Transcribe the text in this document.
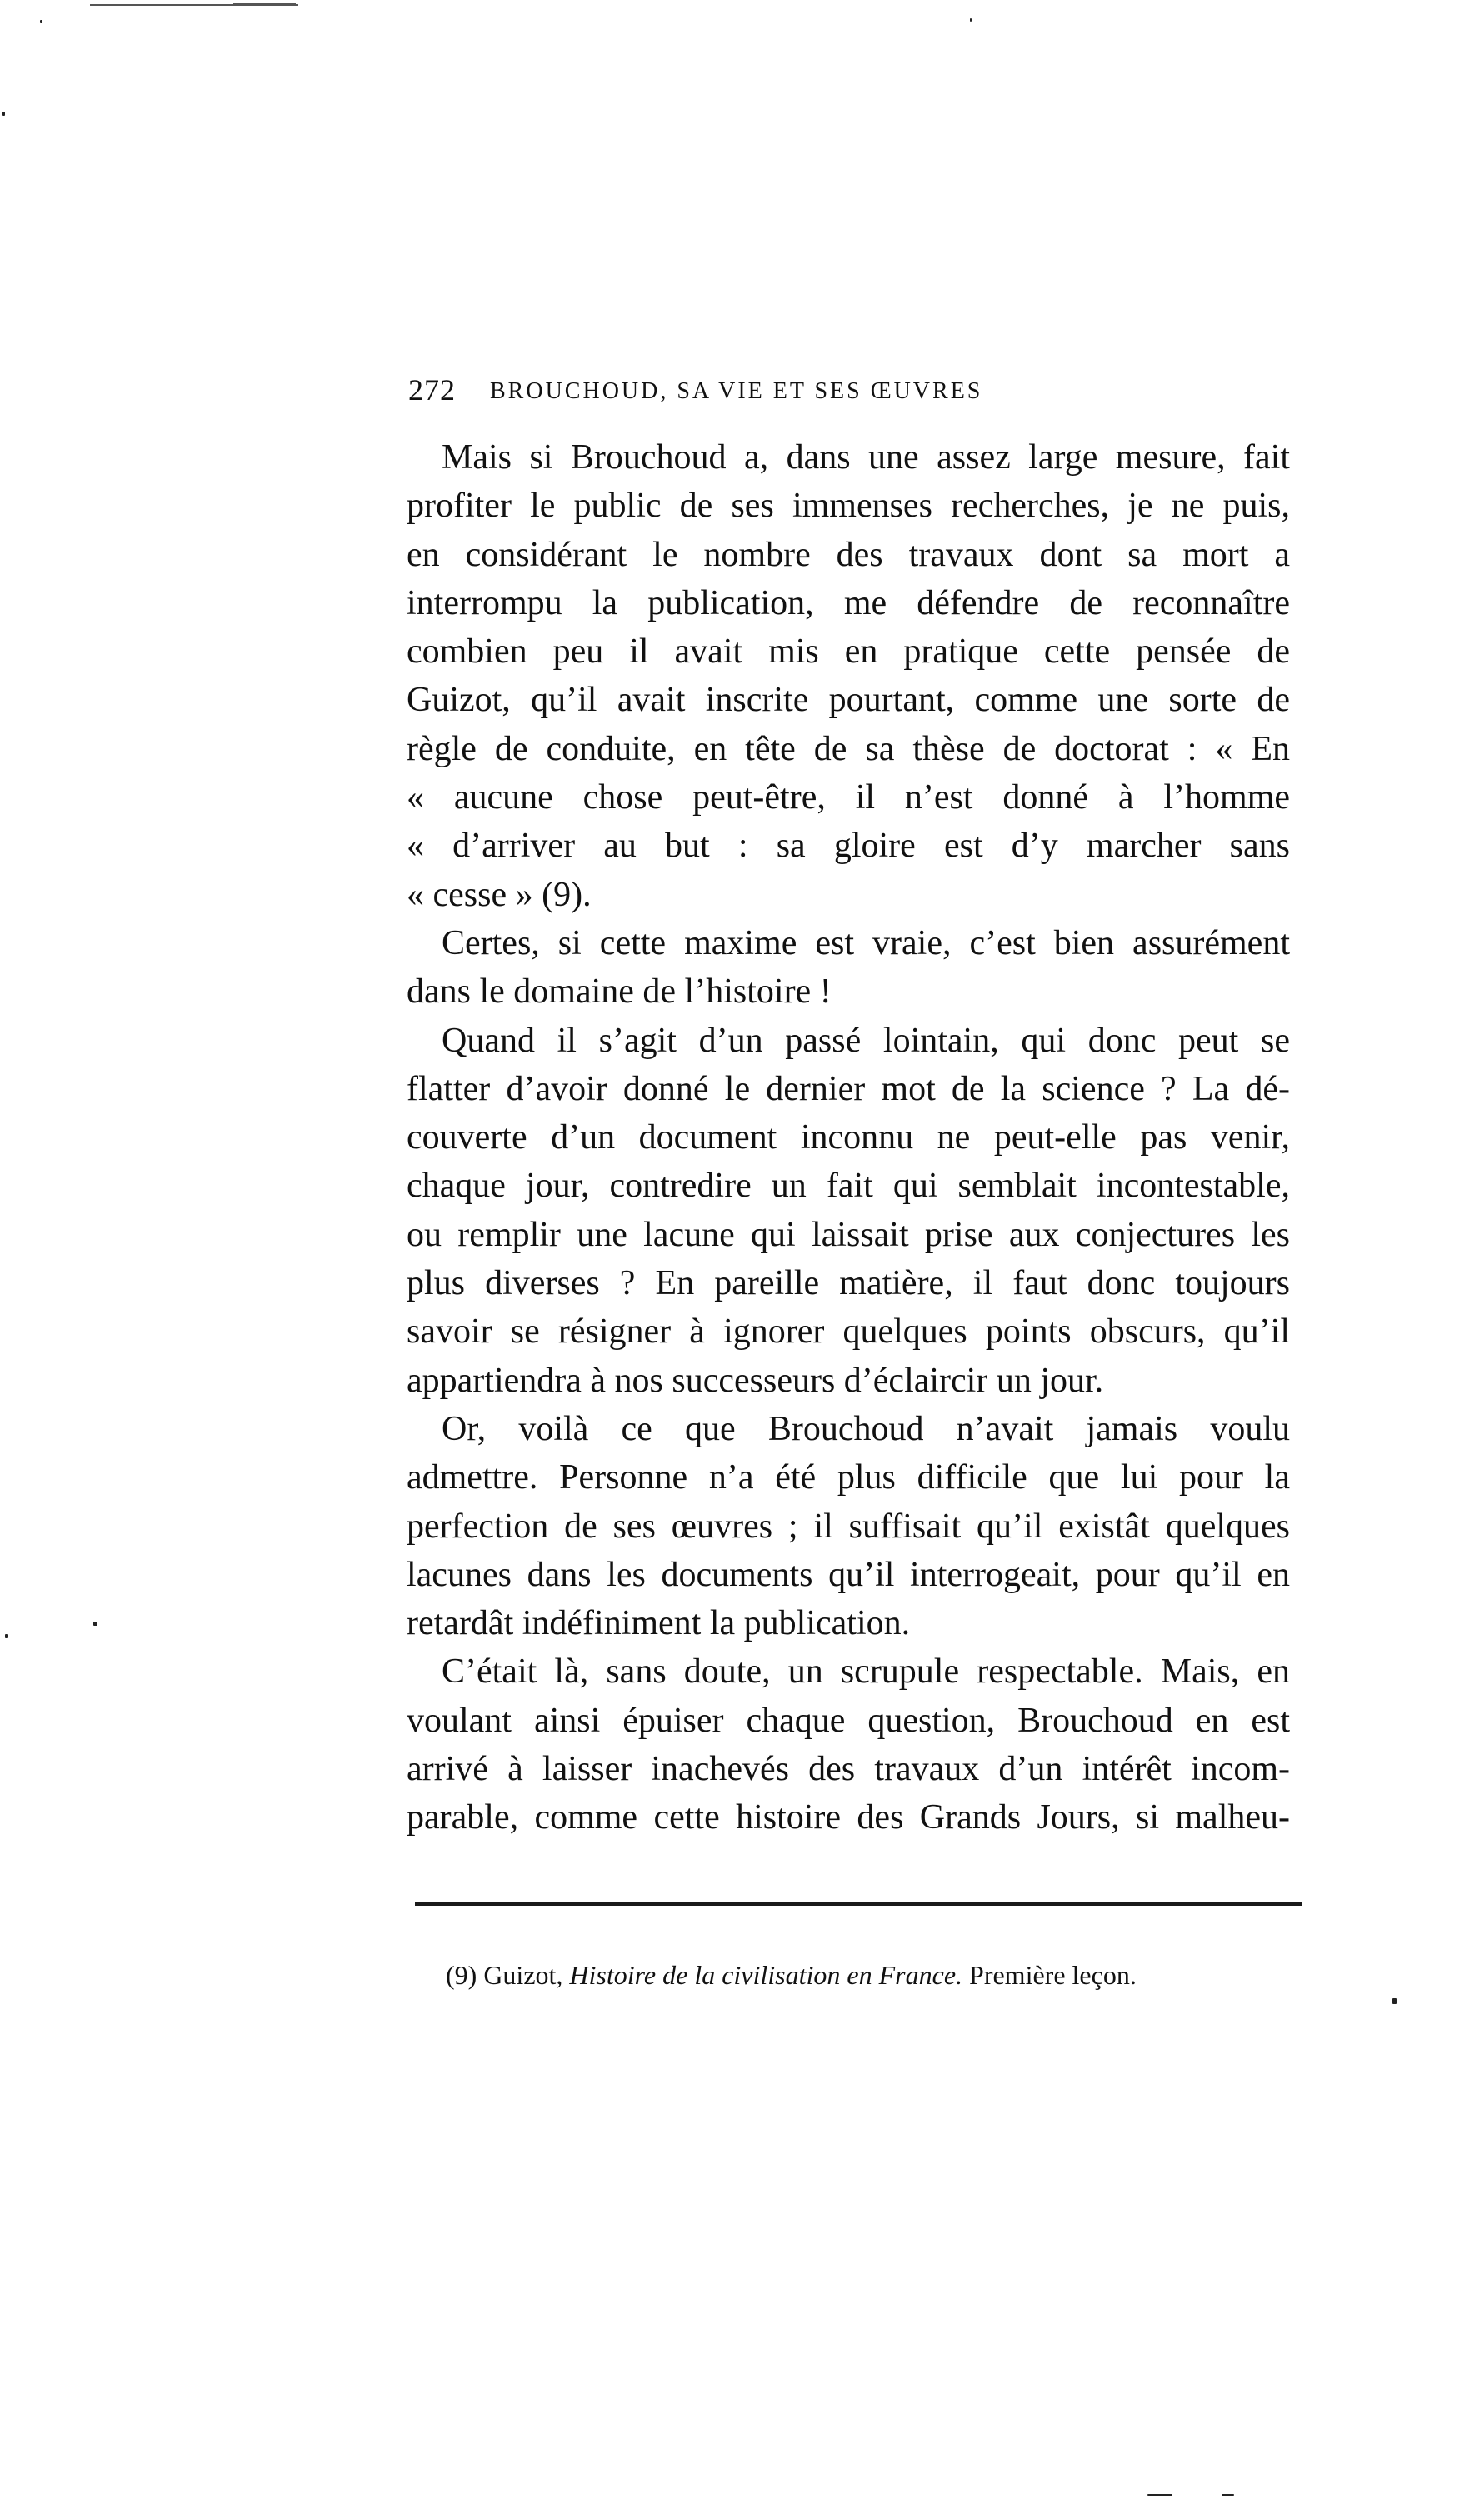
272 BROUCHOUD, SA VIE ET SES ŒUVRES
Mais si Brouchoud a, dans une assez large mesure, fait
profiter le public de ses immenses recherches, je ne puis,
en considérant le nombre des travaux dont sa mort a
interrompu la publication, me défendre de reconnaître
combien peu il avait mis en pratique cette pensée de
Guizot, qu’il avait inscrite pourtant, comme une sorte de
règle de conduite, en tête de sa thèse de doctorat : « En
« aucune chose peut-être, il n’est donné à l’homme
« d’arriver au but : sa gloire est d’y marcher sans
« cesse » (9).
Certes, si cette maxime est vraie, c’est bien assurément
dans le domaine de l’histoire !
Quand il s’agit d’un passé lointain, qui donc peut se
flatter d’avoir donné le dernier mot de la science ? La dé-
couverte d’un document inconnu ne peut-elle pas venir,
chaque jour, contredire un fait qui semblait incontestable,
ou remplir une lacune qui laissait prise aux conjectures les
plus diverses ? En pareille matière, il faut donc toujours
savoir se résigner à ignorer quelques points obscurs, qu’il
appartiendra à nos successeurs d’éclaircir un jour.
Or, voilà ce que Brouchoud n’avait jamais voulu
admettre. Personne n’a été plus difficile que lui pour la
perfection de ses œuvres ; il suffisait qu’il existât quelques
lacunes dans les documents qu’il interrogeait, pour qu’il en
retardât indéfiniment la publication.
C’était là, sans doute, un scrupule respectable. Mais, en
voulant ainsi épuiser chaque question, Brouchoud en est
arrivé à laisser inachevés des travaux d’un intérêt incom-
parable, comme cette histoire des Grands Jours, si malheu-
(9) Guizot, Histoire de la civilisation en France. Première leçon.
